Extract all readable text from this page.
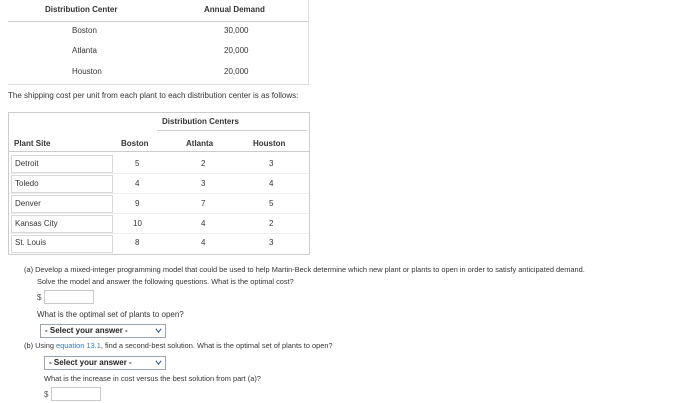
Distribution Center	Annual Demand
Boston	30,000
Atlanta	20,000
Houston	20,000
The shipping cost per unit from each plant to each distribution center is as follows:
Distribution Centers
Plant Site	Boston	Atlanta	Houston
Detroit	5	2	3
Toledo	4	3	4
Denver	9	7	5
Kansas City	10	4	2
St. Louis	8	4	3
(a) Develop a mixed-integer programming model that could be used to help Martin-Beck determine which new plant or plants to open in order to satisfy anticipated demand.
Solve the model and answer the following questions. What is the optimal cost?
$
What is the optimal set of plants to open?
- Select your answer -
(b) Using equation 13.1, find a second-best solution. What is the optimal set of plants to open?
- Select your answer -
What is the increase in cost versus the best solution from part (a)?
$
